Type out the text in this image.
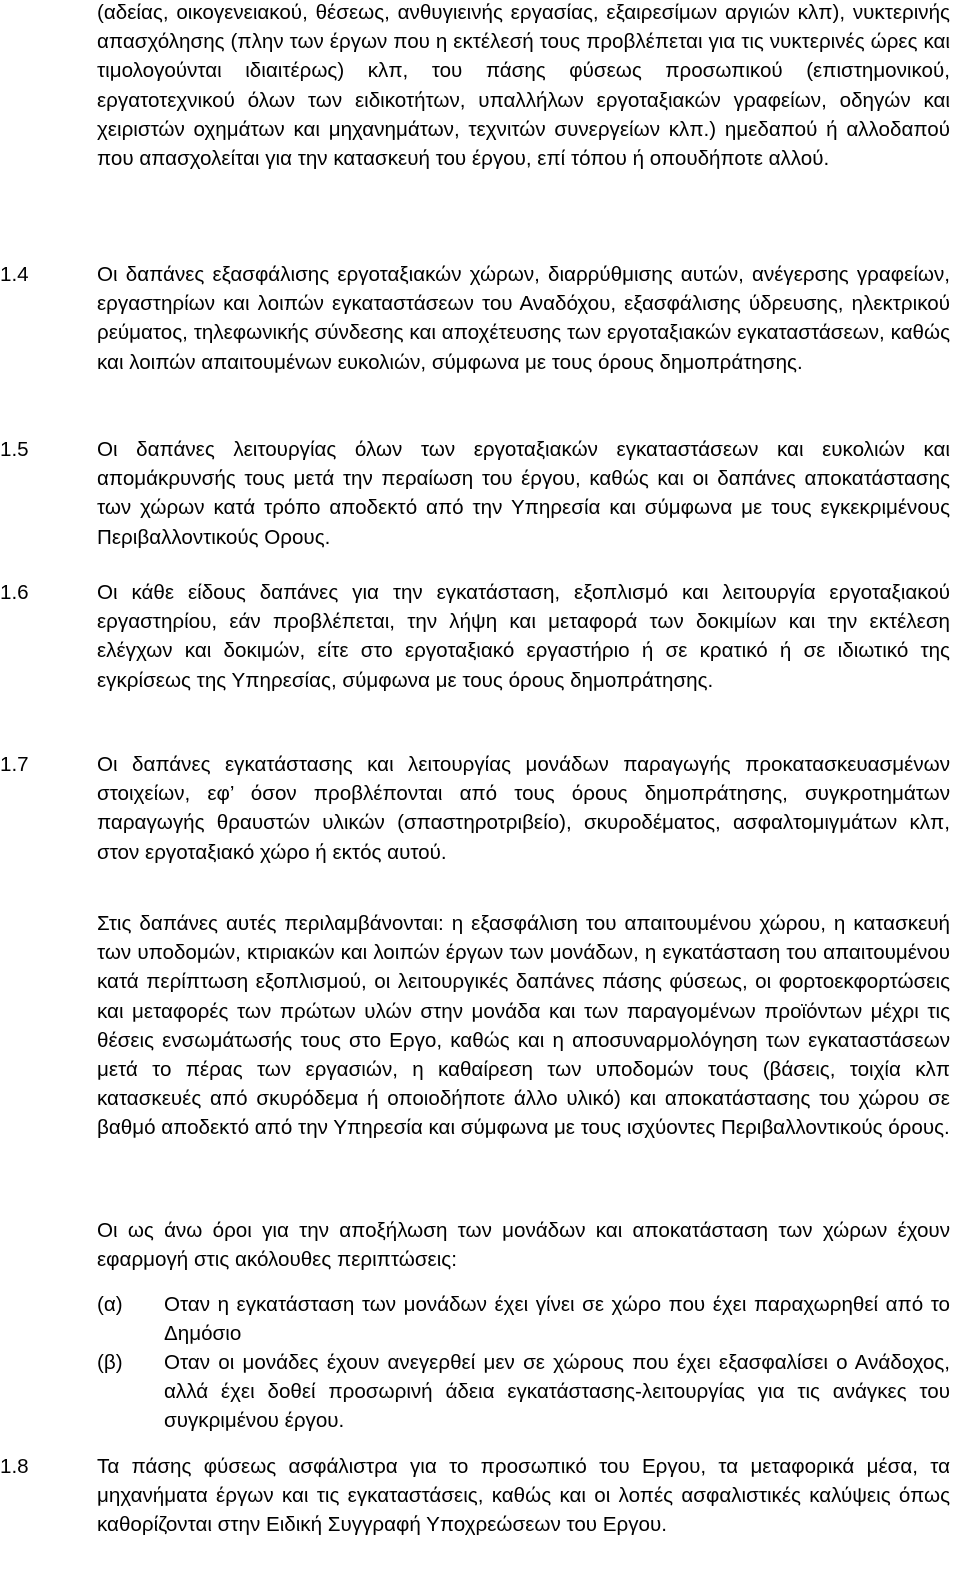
(αδείας, οικογενειακού, θέσεως, ανθυγιεινής εργασίας, εξαιρεσίμων αργιών κλπ), νυκτερινής απασχόλησης (πλην των έργων που η εκτέλεσή τους προβλέπεται για τις νυκτερινές ώρες και τιμολογούνται ιδιαιτέρως) κλπ, του πάσης φύσεως προσωπικού (επιστημονικού, εργατοτεχνικού όλων των ειδικοτήτων, υπαλλήλων εργοταξιακών γραφείων, οδηγών και χειριστών οχημάτων και μηχανημάτων, τεχνιτών συνεργείων κλπ.) ημεδαπού ή αλλοδαπού που απασχολείται για την κατασκευή του έργου, επί τόπου ή οπουδήποτε αλλού.

1.4	Οι δαπάνες εξασφάλισης εργοταξιακών χώρων, διαρρύθμισης αυτών, ανέγερσης γραφείων, εργαστηρίων και λοιπών εγκαταστάσεων του Αναδόχου, εξασφάλισης ύδρευσης, ηλεκτρικού ρεύματος, τηλεφωνικής σύνδεσης και αποχέτευσης των εργοταξιακών εγκαταστάσεων, καθώς και λοιπών απαιτουμένων ευκολιών, σύμφωνα με τους όρους δημοπράτησης.

1.5	Οι δαπάνες λειτουργίας όλων των εργοταξιακών εγκαταστάσεων και ευκολιών και απομάκρυνσής τους μετά την περαίωση του έργου, καθώς και οι δαπάνες αποκατάστασης των χώρων κατά τρόπο αποδεκτό από την Υπηρεσία και σύμφωνα με τους εγκεκριμένους Περιβαλλοντικούς Ορους.

1.6	Οι κάθε είδους δαπάνες για την εγκατάσταση, εξοπλισμό και λειτουργία εργοταξιακού εργαστηρίου, εάν προβλέπεται, την λήψη και μεταφορά των δοκιμίων και την εκτέλεση ελέγχων και δοκιμών, είτε στο εργοταξιακό εργαστήριο ή σε κρατικό ή σε ιδιωτικό της εγκρίσεως της Υπηρεσίας, σύμφωνα με τους όρους δημοπράτησης.

1.7	Οι δαπάνες εγκατάστασης και λειτουργίας μονάδων παραγωγής προκατασκευασμένων στοιχείων, εφ’ όσον προβλέπονται από τους όρους δημοπράτησης, συγκροτημάτων παραγωγής θραυστών υλικών (σπαστηροτριβείο), σκυροδέματος, ασφαλτομιγμάτων κλπ, στον εργοταξιακό χώρο ή εκτός αυτού.

Στις δαπάνες αυτές περιλαμβάνονται: η εξασφάλιση του απαιτουμένου χώρου, η κατασκευή των υποδομών, κτιριακών και λοιπών έργων των μονάδων, η εγκατάσταση του απαιτουμένου κατά περίπτωση εξοπλισμού, οι λειτουργικές δαπάνες πάσης φύσεως, οι φορτοεκφορτώσεις και μεταφορές των πρώτων υλών στην μονάδα και των παραγομένων προϊόντων μέχρι τις θέσεις ενσωμάτωσής τους στο Εργο, καθώς και η αποσυναρμολόγηση των εγκαταστάσεων μετά το πέρας των εργασιών, η καθαίρεση των υποδομών τους (βάσεις, τοιχία κλπ κατασκευές από σκυρόδεμα ή οποιοδήποτε άλλο υλικό) και αποκατάστασης του χώρου σε βαθμό αποδεκτό από την Υπηρεσία και σύμφωνα με τους ισχύοντες Περιβαλλοντικούς όρους.

Οι ως άνω όροι για την αποξήλωση των μονάδων και αποκατάσταση των χώρων έχουν εφαρμογή στις ακόλουθες περιπτώσεις:

(α) Οταν η εγκατάσταση των μονάδων έχει γίνει σε χώρο που έχει παραχωρηθεί από το Δημόσιο

(β) Οταν οι μονάδες έχουν ανεγερθεί μεν σε χώρους που έχει εξασφαλίσει ο Ανάδοχος, αλλά έχει δοθεί προσωρινή άδεια εγκατάστασης-λειτουργίας για τις ανάγκες του συγκριμένου έργου.

1.8	Τα πάσης φύσεως ασφάλιστρα για το προσωπικό του Εργου, τα μεταφορικά μέσα, τα μηχανήματα έργων και τις εγκαταστάσεις, καθώς και οι λοπές ασφαλιστικές καλύψεις όπως καθορίζονται στην Ειδική Συγγραφή Υποχρεώσεων του Εργου.
